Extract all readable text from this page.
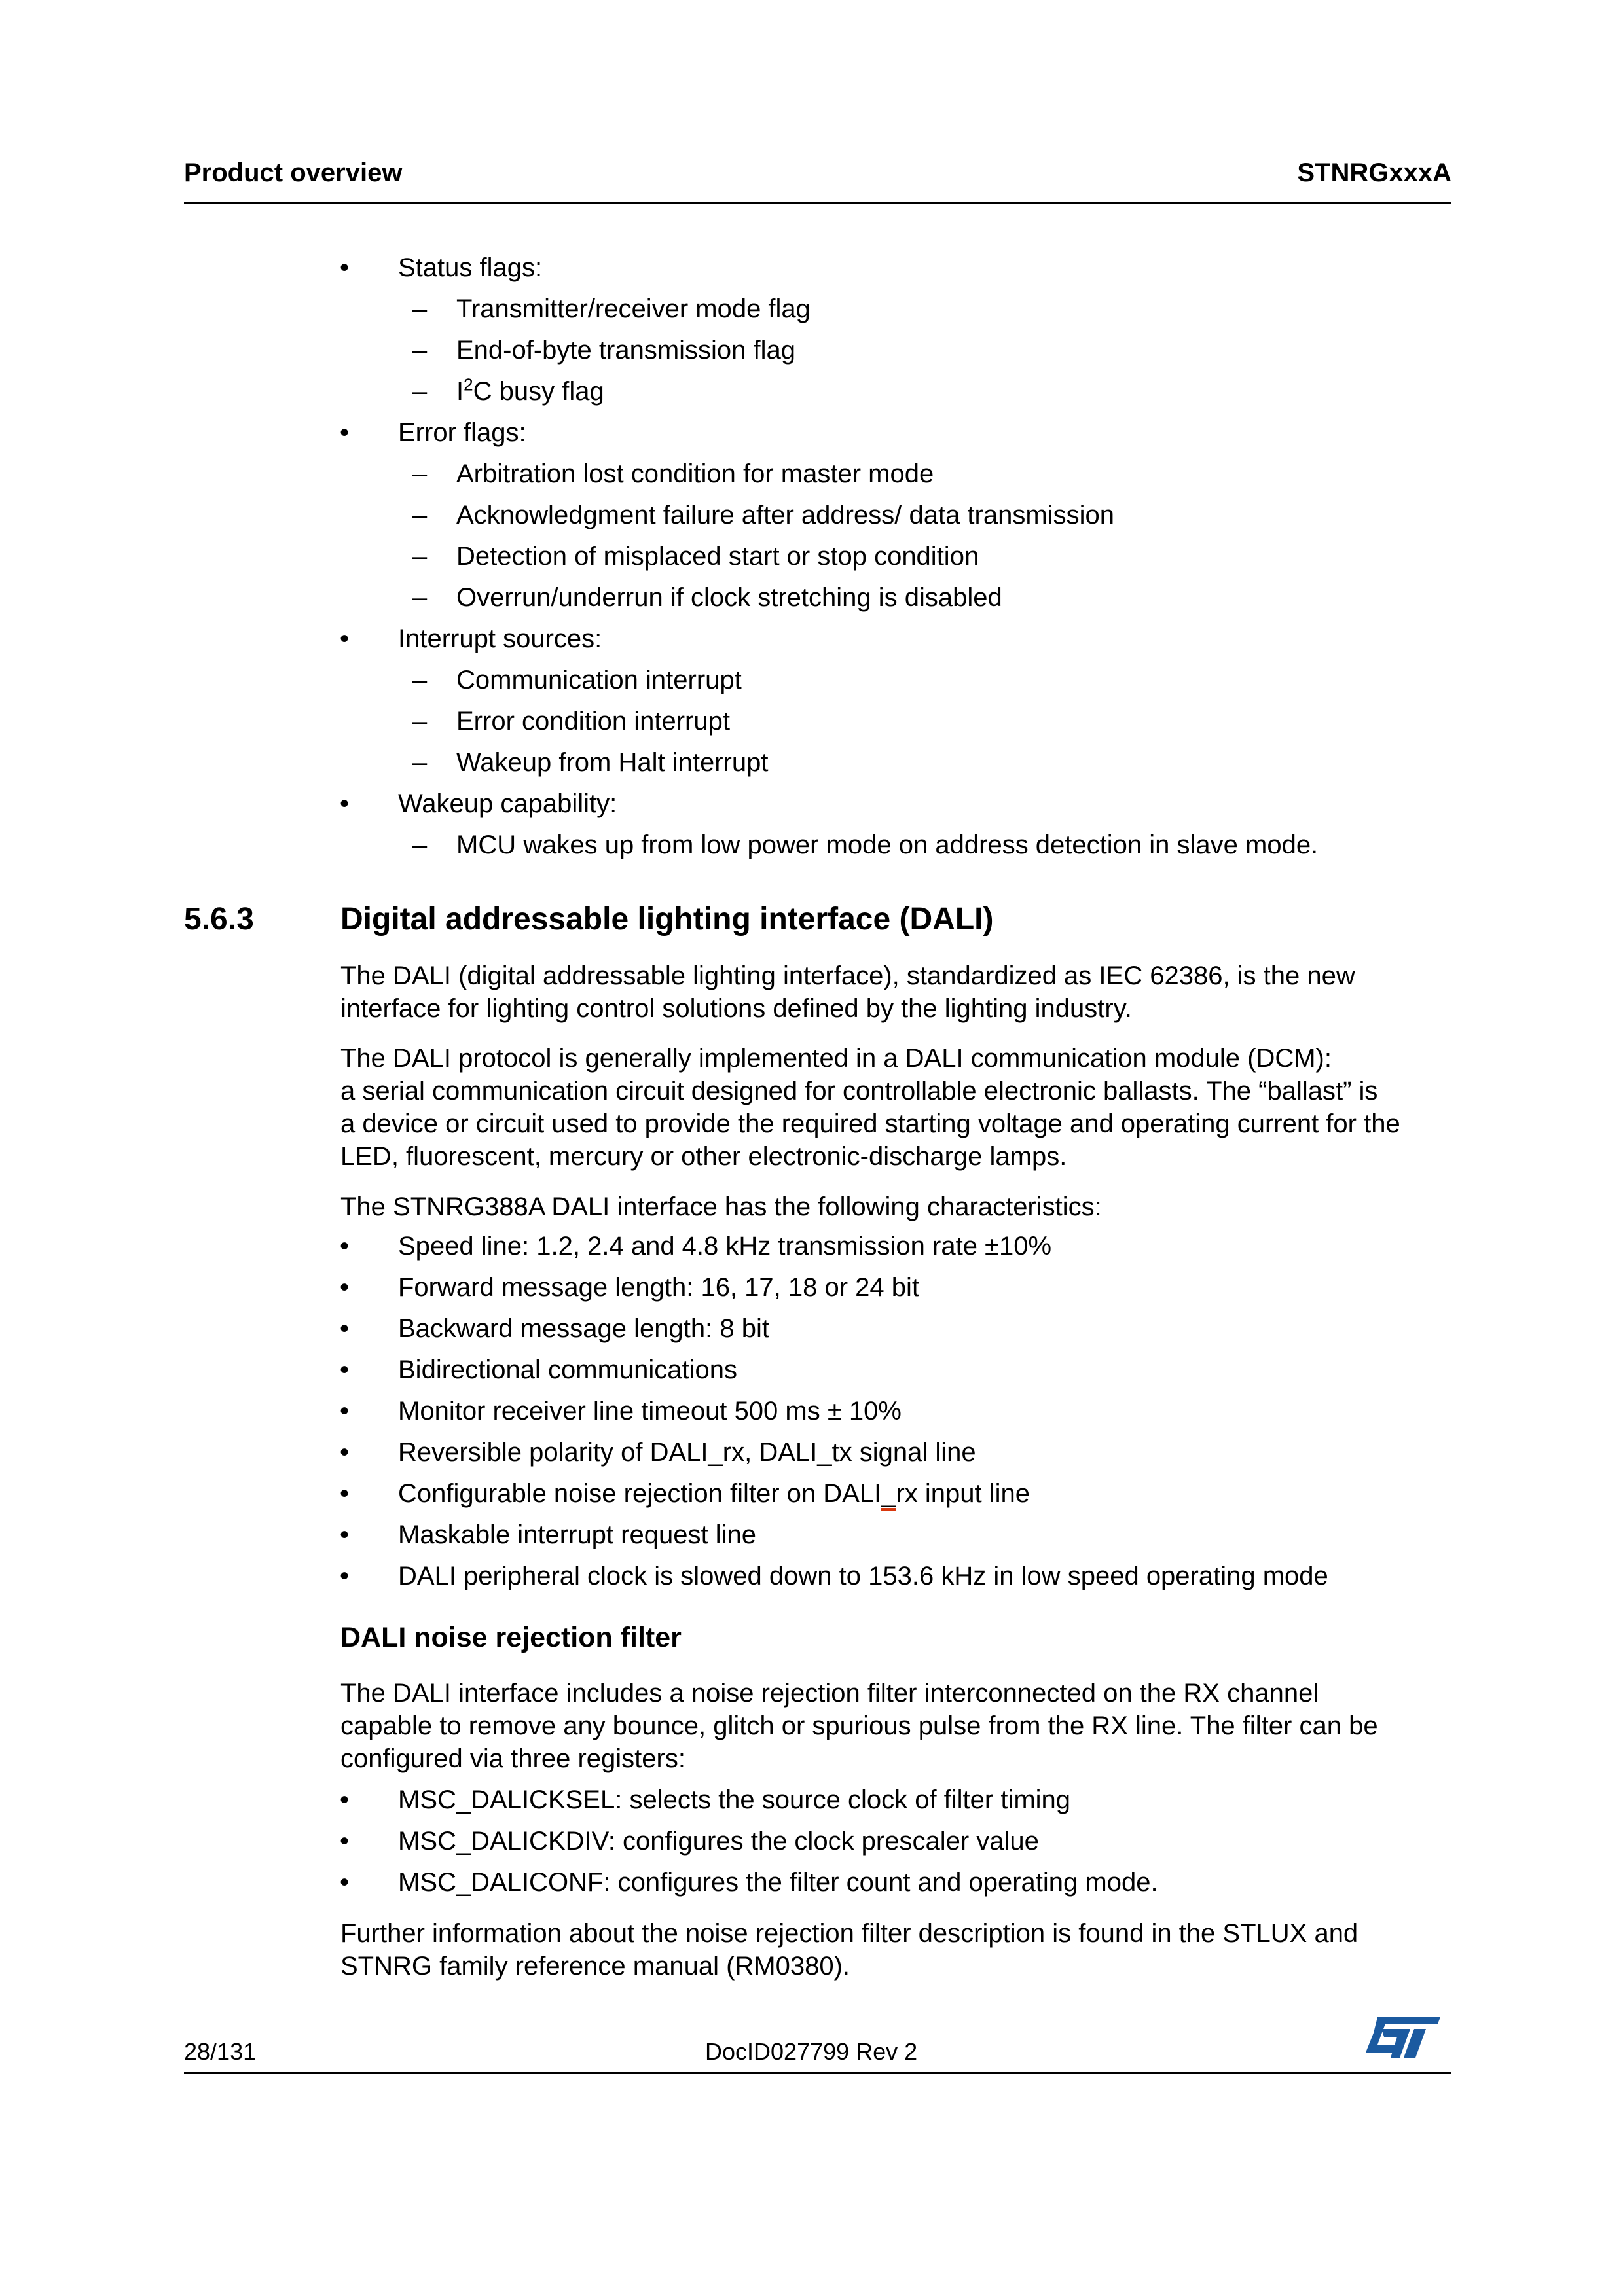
Product overview	STNRGxxxA
• Status flags:
– Transmitter/receiver mode flag
– End-of-byte transmission flag
– $I^2C$ busy flag
• Error flags:
– Arbitration lost condition for master mode
– Acknowledgment failure after address/ data transmission
– Detection of misplaced start or stop condition
– Overrun/underrun if clock stretching is disabled
• Interrupt sources:
– Communication interrupt
– Error condition interrupt
– Wakeup from Halt interrupt
• Wakeup capability:
– MCU wakes up from low power mode on address detection in slave mode.
5.6.3	Digital addressable lighting interface (DALI)
The DALI (digital addressable lighting interface), standardized as IEC 62386, is the new
interface for lighting control solutions defined by the lighting industry.
The DALI protocol is generally implemented in a DALI communication module (DCM):
a serial communication circuit designed for controllable electronic ballasts. The “ballast” is
a device or circuit used to provide the required starting voltage and operating current for the
LED, fluorescent, mercury or other electronic-discharge lamps.
The STNRG388A DALI interface has the following characteristics:
• Speed line: 1.2, 2.4 and 4.8 kHz transmission rate ±10%
• Forward message length: 16, 17, 18 or 24 bit
• Backward message length: 8 bit
• Bidirectional communications
• Monitor receiver line timeout 500 ms ± 10%
• Reversible polarity of DALI_rx, DALI_tx signal line
• Configurable noise rejection filter on DALI_rx input line
• Maskable interrupt request line
• DALI peripheral clock is slowed down to 153.6 kHz in low speed operating mode
DALI noise rejection filter
The DALI interface includes a noise rejection filter interconnected on the RX channel
capable to remove any bounce, glitch or spurious pulse from the RX line. The filter can be
configured via three registers:
• MSC_DALICKSEL: selects the source clock of filter timing
• MSC_DALICKDIV: configures the clock prescaler value
• MSC_DALICONF: configures the filter count and operating mode.
Further information about the noise rejection filter description is found in the STLUX and
STNRG family reference manual (RM0380).
28/131	DocID027799 Rev 2
